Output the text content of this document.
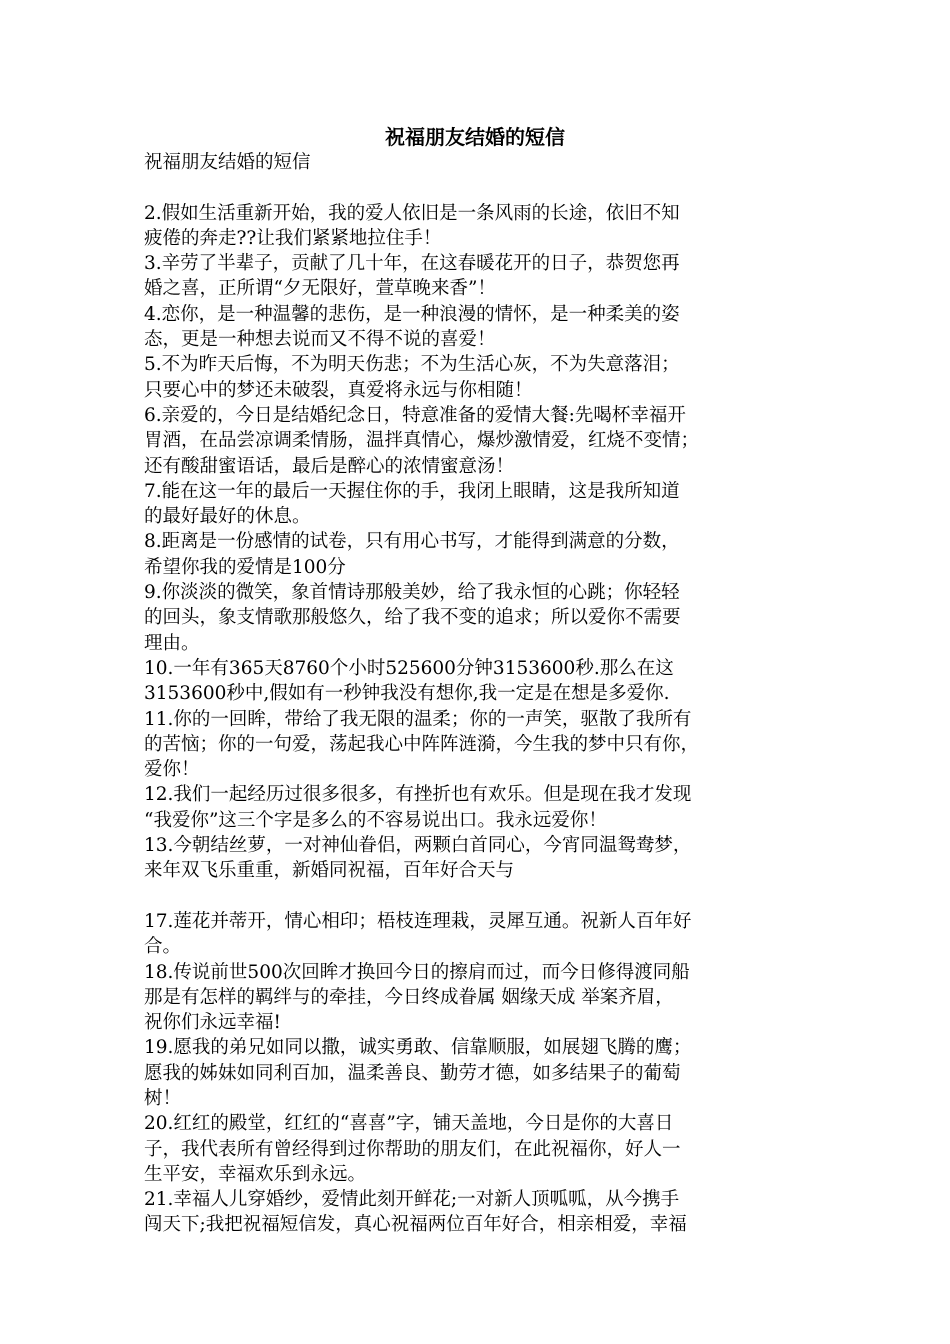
祝福朋友结婚的短信
祝福朋友结婚的短信
2.假如生活重新开始，我的爱人依旧是一条风雨的长途，依旧不知
疲倦的奔走??让我们紧紧地拉住手！
3.辛劳了半辈子，贡献了几十年，在这春暖花开的日子，恭贺您再
婚之喜，正所谓“夕无限好，萱草晚来香”！
4.恋你，是一种温馨的悲伤，是一种浪漫的情怀，是一种柔美的姿
态，更是一种想去说而又不得不说的喜爱！
5.不为昨天后悔，不为明天伤悲；不为生活心灰，不为失意落泪；
只要心中的梦还未破裂，真爱将永远与你相随！
6.亲爱的，今日是结婚纪念日，特意准备的爱情大餐:先喝杯幸福开
胃酒，在品尝凉调柔情肠，温拌真情心，爆炒激情爱，红烧不变情；
还有酸甜蜜语话，最后是醉心的浓情蜜意汤！
7.能在这一年的最后一天握住你的手，我闭上眼睛，这是我所知道
的最好最好的休息。
8.距离是一份感情的试卷，只有用心书写，才能得到满意的分数，
希望你我的爱情是100分
9.你淡淡的微笑，象首情诗那般美妙，给了我永恒的心跳；你轻轻
的回头，象支情歌那般悠久，给了我不变的追求；所以爱你不需要
理由。
10.一年有365天8760个小时525600分钟3153600秒.那么在这
3153600秒中,假如有一秒钟我没有想你,我一定是在想是多爱你.
11.你的一回眸，带给了我无限的温柔；你的一声笑，驱散了我所有
的苦恼；你的一句爱，荡起我心中阵阵涟漪，今生我的梦中只有你，
爱你！
12.我们一起经历过很多很多，有挫折也有欢乐。但是现在我才发现
“我爱你”这三个字是多么的不容易说出口。我永远爱你！
13.今朝结丝萝，一对神仙眷侣，两颗白首同心，今宵同温鸳鸯梦，
来年双飞乐重重，新婚同祝福，百年好合天与
17.莲花并蒂开，情心相印；梧枝连理栽，灵犀互通。祝新人百年好
合。
18.传说前世500次回眸才换回今日的擦肩而过，而今日修得渡同船
那是有怎样的羁绊与的牵挂，今日终成眷属 姻缘天成 举案齐眉，
祝你们永远幸福!
19.愿我的弟兄如同以撒，诚实勇敢、信靠顺服，如展翅飞腾的鹰；
愿我的姊妹如同利百加，温柔善良、勤劳才德，如多结果子的葡萄
树！
20.红红的殿堂，红红的“喜喜”字，铺天盖地，今日是你的大喜日
子，我代表所有曾经得到过你帮助的朋友们，在此祝福你，好人一
生平安，幸福欢乐到永远。
21.幸福人儿穿婚纱，爱情此刻开鲜花;一对新人顶呱呱，从今携手
闯天下;我把祝福短信发，真心祝福两位百年好合，相亲相爱，幸福
